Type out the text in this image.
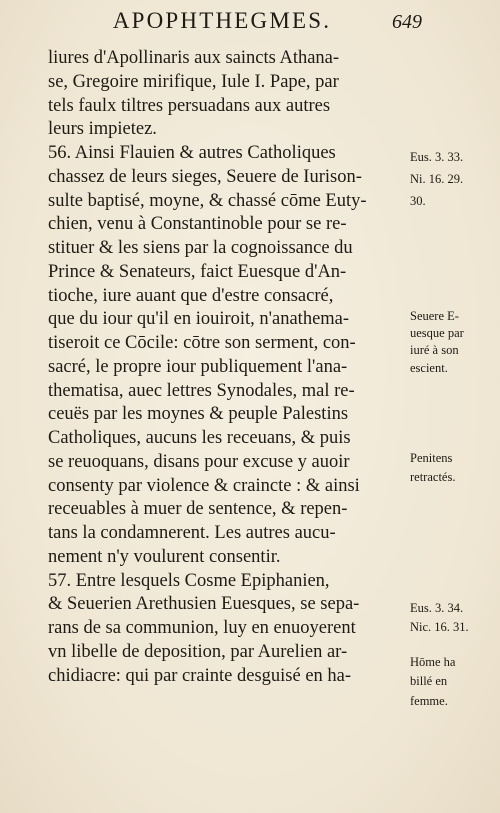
APOPHTHEGMES.	649
liures d'Apollinaris aux saincts Athana-
se, Gregoire mirifique, Iule I. Pape, par
tels faulx tiltres persuadans aux autres
leurs impietez.
56. Ainsi Flauien & autres Catholiques
chassez de leurs sieges, Seuere de Iurison-
sulte baptisé, moyne, & chassé cōme Euty-
chien, venu à Constantinoble pour se re-
stituer & les siens par la cognoissance du
Prince & Senateurs, faict Euesque d'An-
tioche, iure auant que d'estre consacré,
que du iour qu'il en iouiroit, n'anathema-
tiseroit ce Cōcile: cōtre son serment, con-
sacré, le propre iour publiquement l'ana-
thematisa, auec lettres Synodales, mal re-
ceuës par les moynes & peuple Palestins
Catholiques, aucuns les receuans, & puis
se reuoquans, disans pour excuse y auoir
consenty par violence & craincte : & ainsi
receuables à muer de sentence, & repen-
tans la condamnerent. Les autres aucu-
nement n'y voulurent consentir.
57. Entre lesquels Cosme Epiphanien,
& Seuerien Arethusien Euesques, se sepa-
rans de sa communion, luy en enuoyerent
vn libelle de deposition, par Aurelien ar-
chidiacre: qui par crainte desguisé en ha-
Eus. 3. 33.
Ni. 16. 29.
30.
Seuere E-
uesque par
iuré à son
escient.
Penitens
retractés.
Eus. 3. 34.
Nic. 16. 31.
Hōme ha
billé en
femme.
